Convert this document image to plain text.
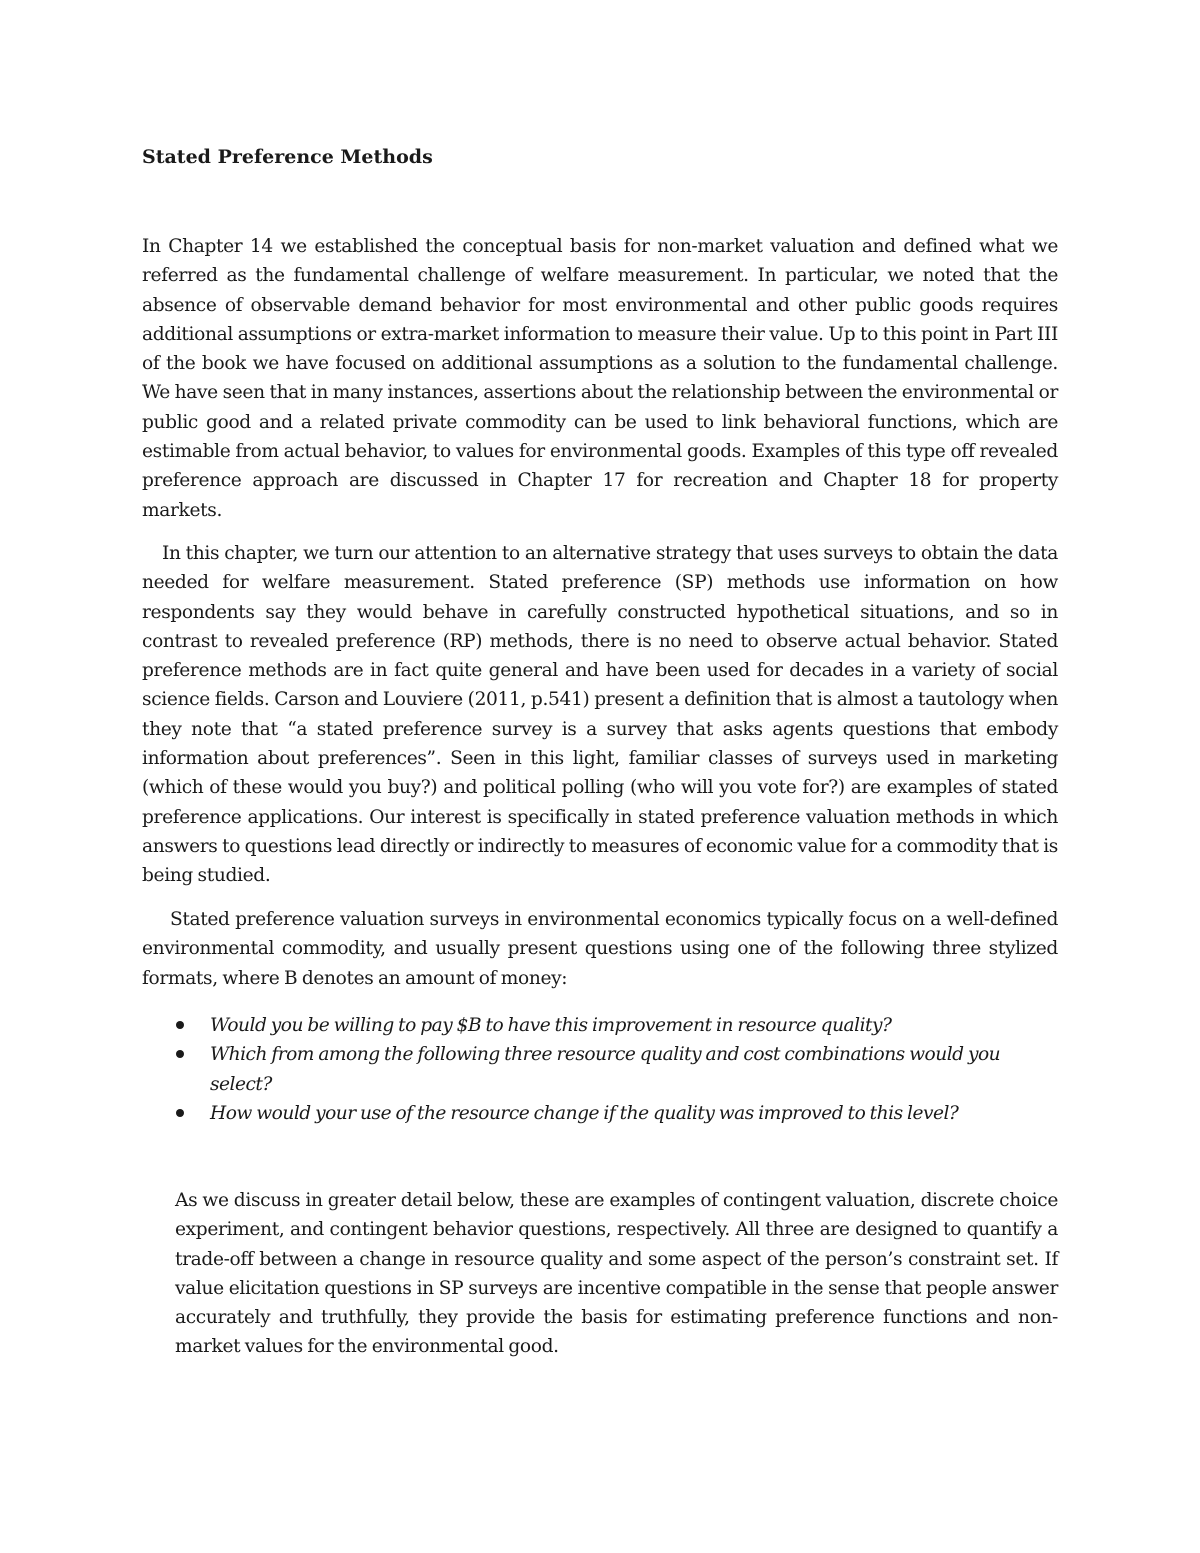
Stated Preference Methods

In Chapter 14 we established the conceptual basis for non-market valuation and defined what we referred as the fundamental challenge of welfare measurement. In particular, we noted that the absence of observable demand behavior for most environmental and other public goods requires additional assumptions or extra-market information to measure their value. Up to this point in Part III of the book we have focused on additional assumptions as a solution to the fundamental challenge. We have seen that in many instances, assertions about the relationship between the environmental or public good and a related private commodity can be used to link behavioral functions, which are estimable from actual behavior, to values for environmental goods. Examples of this type off revealed preference approach are discussed in Chapter 17 for recreation and Chapter 18 for property markets.

In this chapter, we turn our attention to an alternative strategy that uses surveys to obtain the data needed for welfare measurement. Stated preference (SP) methods use information on how respondents say they would behave in carefully constructed hypothetical situations, and so in contrast to revealed preference (RP) methods, there is no need to observe actual behavior. Stated preference methods are in fact quite general and have been used for decades in a variety of social science fields. Carson and Louviere (2011, p.541) present a definition that is almost a tautology when they note that “a stated preference survey is a survey that asks agents questions that embody information about preferences”. Seen in this light, familiar classes of surveys used in marketing (which of these would you buy?) and political polling (who will you vote for?) are examples of stated preference applications. Our interest is specifically in stated preference valuation methods in which answers to questions lead directly or indirectly to measures of economic value for a commodity that is being studied.

Stated preference valuation surveys in environmental economics typically focus on a well-defined environmental commodity, and usually present questions using one of the following three stylized formats, where B denotes an amount of money:

Would you be willing to pay $B to have this improvement in resource quality?
Which from among the following three resource quality and cost combinations would you select?
How would your use of the resource change if the quality was improved to this level?

As we discuss in greater detail below, these are examples of contingent valuation, discrete choice experiment, and contingent behavior questions, respectively. All three are designed to quantify a trade-off between a change in resource quality and some aspect of the person’s constraint set. If value elicitation questions in SP surveys are incentive compatible in the sense that people answer accurately and truthfully, they provide the basis for estimating preference functions and non-market values for the environmental good.
